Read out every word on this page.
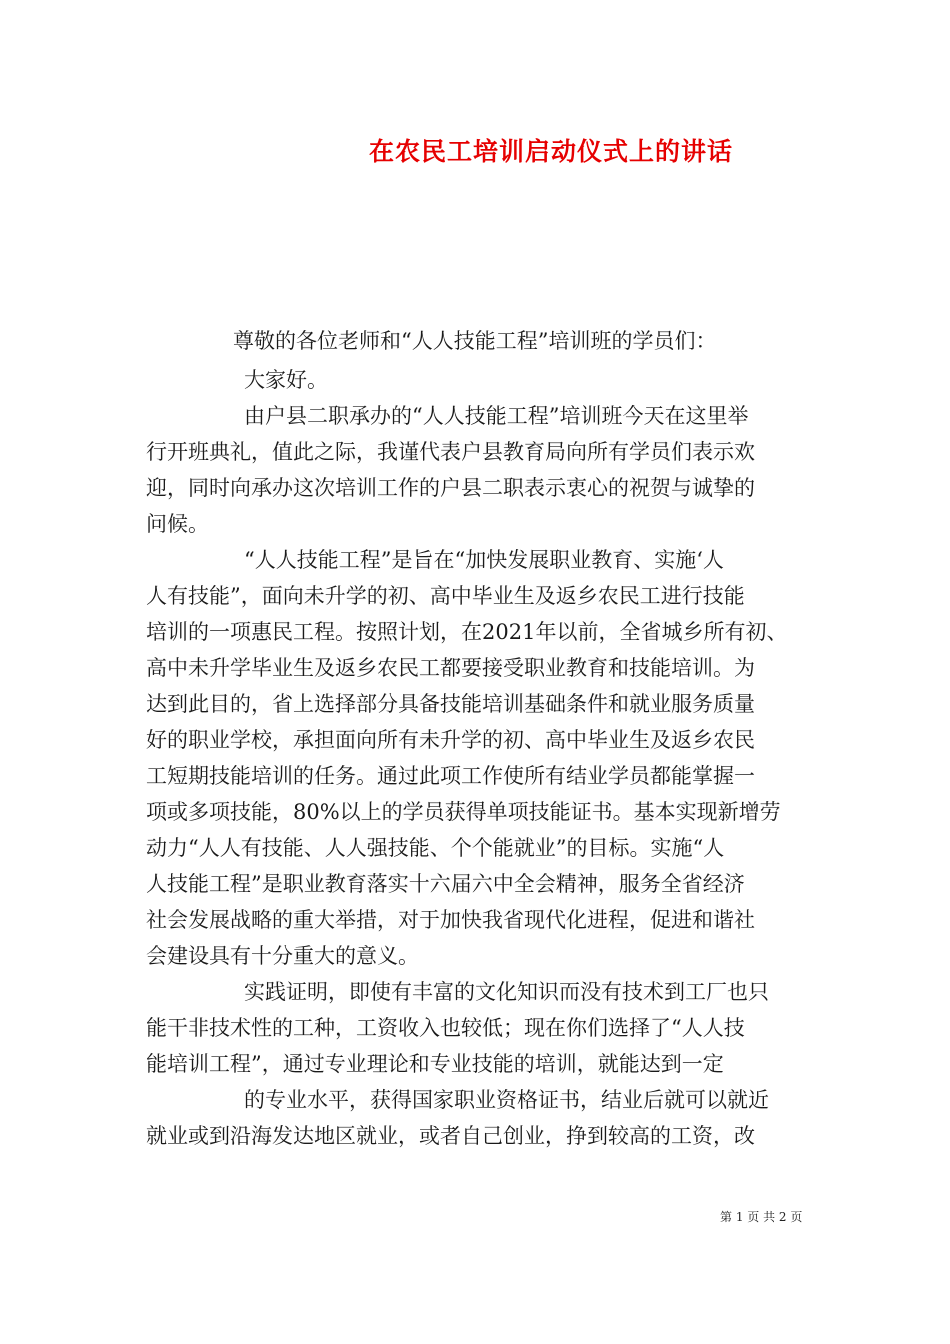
在农民工培训启动仪式上的讲话

尊敬的各位老师和“人人技能工程”培训班的学员们：

大家好。

由户县二职承办的“人人技能工程”培训班今天在这里举

行开班典礼，值此之际，我谨代表户县教育局向所有学员们表示欢

迎，同时向承办这次培训工作的户县二职表示衷心的祝贺与诚挚的

问候。

“人人技能工程”是旨在“加快发展职业教育、实施‘人

人有技能”，面向未升学的初、高中毕业生及返乡农民工进行技能

培训的一项惠民工程。按照计划，在2021年以前，全省城乡所有初、

高中未升学毕业生及返乡农民工都要接受职业教育和技能培训。为

达到此目的，省上选择部分具备技能培训基础条件和就业服务质量

好的职业学校，承担面向所有未升学的初、高中毕业生及返乡农民

工短期技能培训的任务。通过此项工作使所有结业学员都能掌握一

项或多项技能，80%以上的学员获得单项技能证书。基本实现新增劳

动力“人人有技能、人人强技能、个个能就业”的目标。实施“人

人技能工程”是职业教育落实十六届六中全会精神，服务全省经济

社会发展战略的重大举措，对于加快我省现代化进程，促进和谐社

会建设具有十分重大的意义。

实践证明，即使有丰富的文化知识而没有技术到工厂也只

能干非技术性的工种，工资收入也较低；现在你们选择了“人人技

能培训工程”，通过专业理论和专业技能的培训，就能达到一定

的专业水平，获得国家职业资格证书，结业后就可以就近

就业或到沿海发达地区就业，或者自己创业，挣到较高的工资，改

第 1 页 共 2 页
